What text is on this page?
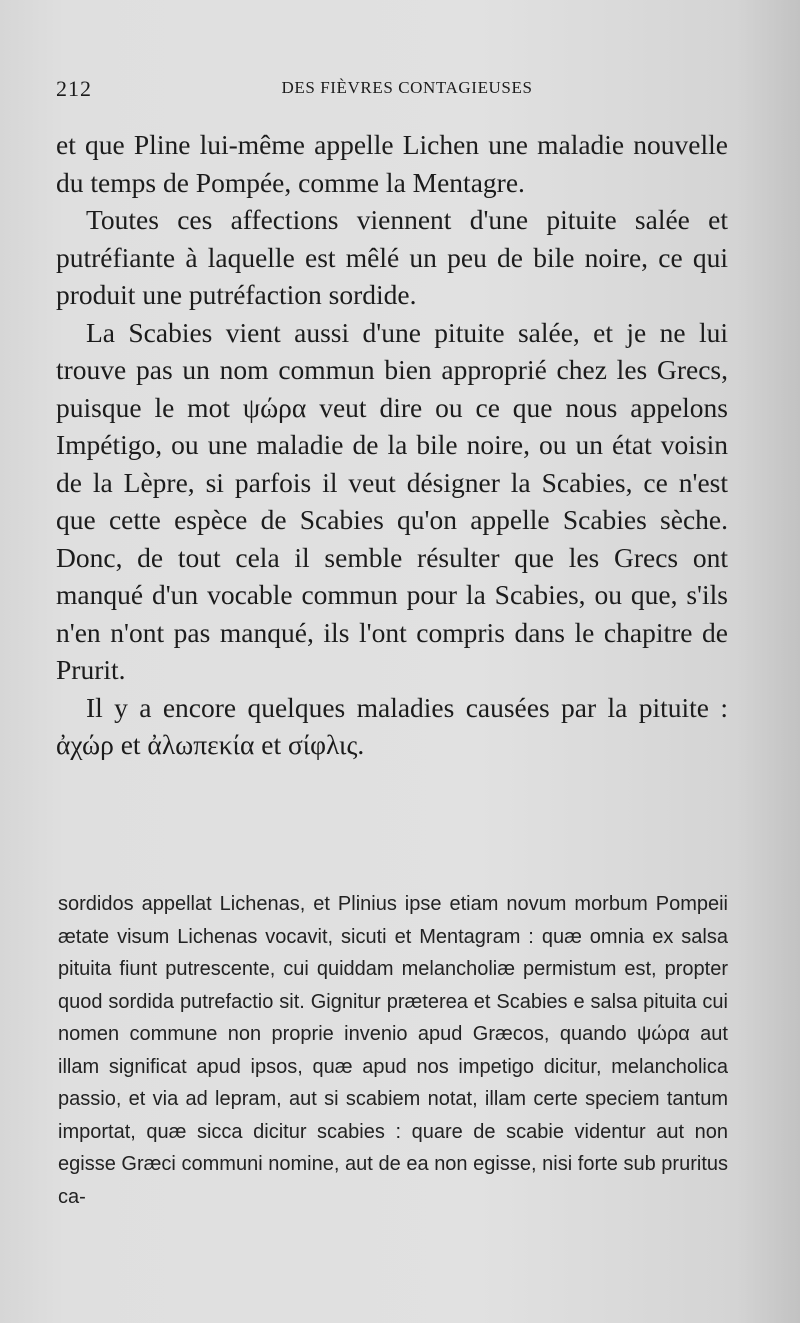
212	DES FIÈVRES CONTAGIEUSES

et que Pline lui-même appelle Lichen une maladie nouvelle du temps de Pompée, comme la Mentagre.

Toutes ces affections viennent d'une pituite salée et putréfiante à laquelle est mêlé un peu de bile noire, ce qui produit une putréfaction sordide.

La Scabies vient aussi d'une pituite salée, et je ne lui trouve pas un nom commun bien approprié chez les Grecs, puisque le mot ψώρα veut dire ou ce que nous appelons Impétigo, ou une maladie de la bile noire, ou un état voisin de la Lèpre, si parfois il veut désigner la Scabies, ce n'est que cette espèce de Scabies qu'on appelle Scabies sèche. Donc, de tout cela il semble résulter que les Grecs ont manqué d'un vocable commun pour la Scabies, ou que, s'ils n'en n'ont pas manqué, ils l'ont compris dans le chapitre de Prurit.

Il y a encore quelques maladies causées par la pituite : ἀχώρ et ἀλωπεκία et σίφλις.

sordidos appellat Lichenas, et Plinius ipse etiam novum morbum Pompeii ætate visum Lichenas vocavit, sicuti et Mentagram : quæ omnia ex salsa pituita fiunt putrescente, cui quiddam melancholiæ permistum est, propter quod sordida putrefactio sit. Gignitur præterea et Scabies e salsa pituita cui nomen commune non proprie invenio apud Græcos, quando ψώρα aut illam significat apud ipsos, quæ apud nos impetigo dicitur, melancholica passio, et via ad lepram, aut si scabiem notat, illam certe speciem tantum importat, quæ sicca dicitur scabies : quare de scabie videntur aut non egisse Græci communi nomine, aut de ea non egisse, nisi forte sub pruritus ca-
